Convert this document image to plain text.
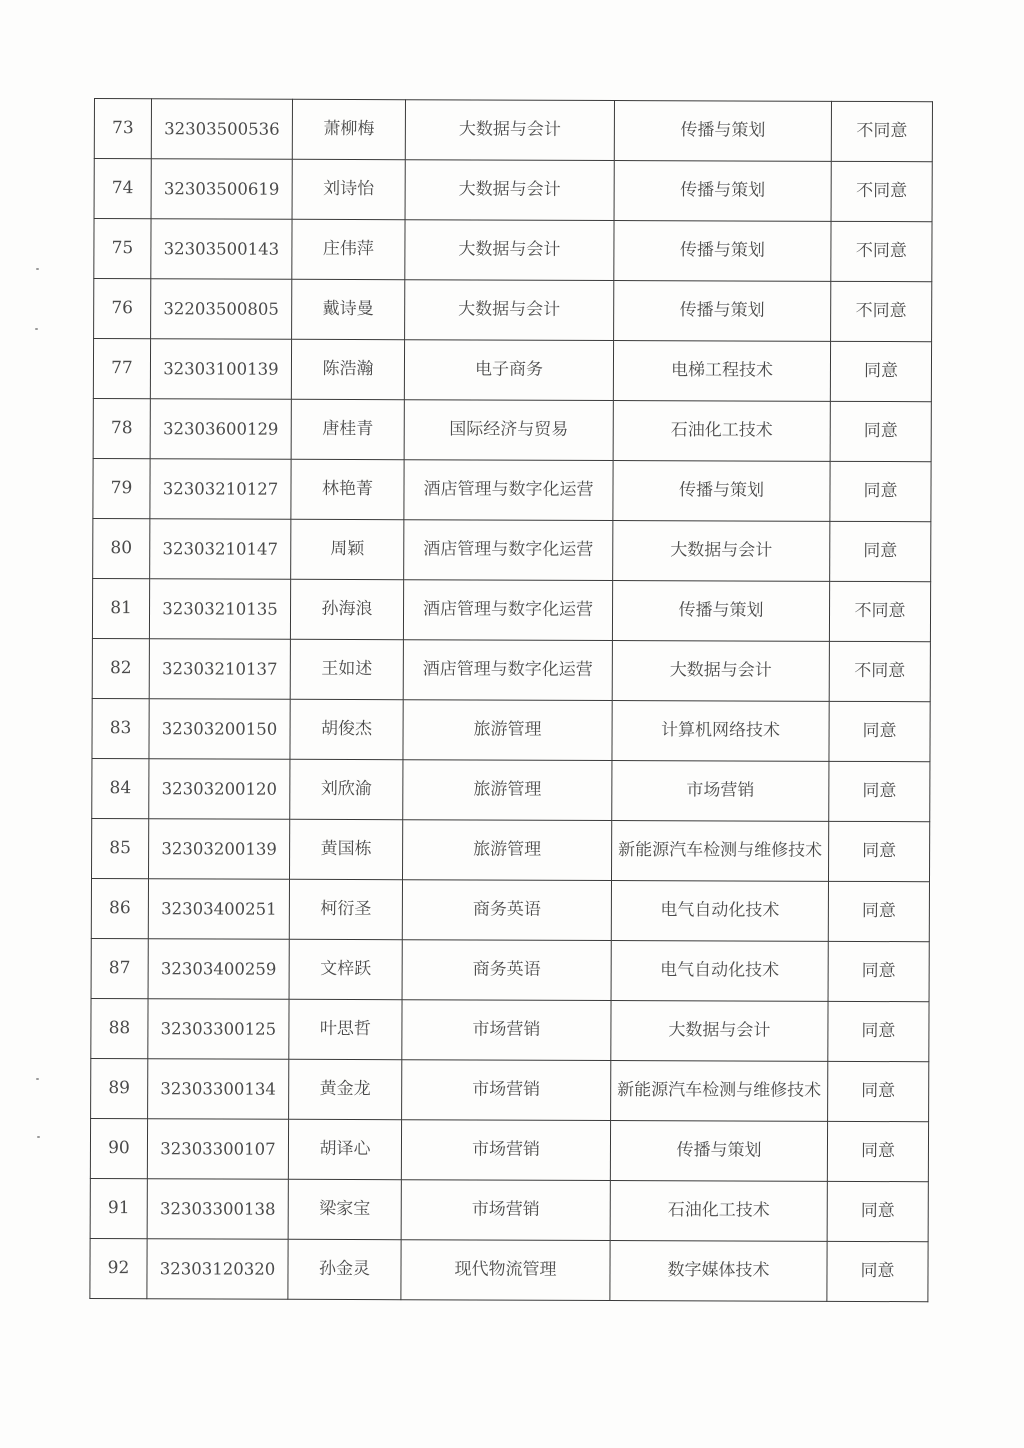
73	32303500536	萧柳梅	大数据与会计	传播与策划	不同意
74	32303500619	刘诗怡	大数据与会计	传播与策划	不同意
75	32303500143	庄伟萍	大数据与会计	传播与策划	不同意
76	32203500805	戴诗曼	大数据与会计	传播与策划	不同意
77	32303100139	陈浩瀚	电子商务	电梯工程技术	同意
78	32303600129	唐桂青	国际经济与贸易	石油化工技术	同意
79	32303210127	林艳菁	酒店管理与数字化运营	传播与策划	同意
80	32303210147	周颖	酒店管理与数字化运营	大数据与会计	同意
81	32303210135	孙海浪	酒店管理与数字化运营	传播与策划	不同意
82	32303210137	王如述	酒店管理与数字化运营	大数据与会计	不同意
83	32303200150	胡俊杰	旅游管理	计算机网络技术	同意
84	32303200120	刘欣渝	旅游管理	市场营销	同意
85	32303200139	黄国栋	旅游管理	新能源汽车检测与维修技术	同意
86	32303400251	柯衍圣	商务英语	电气自动化技术	同意
87	32303400259	文梓跃	商务英语	电气自动化技术	同意
88	32303300125	叶思哲	市场营销	大数据与会计	同意
89	32303300134	黄金龙	市场营销	新能源汽车检测与维修技术	同意
90	32303300107	胡译心	市场营销	传播与策划	同意
91	32303300138	梁家宝	市场营销	石油化工技术	同意
92	32303120320	孙金灵	现代物流管理	数字媒体技术	同意
